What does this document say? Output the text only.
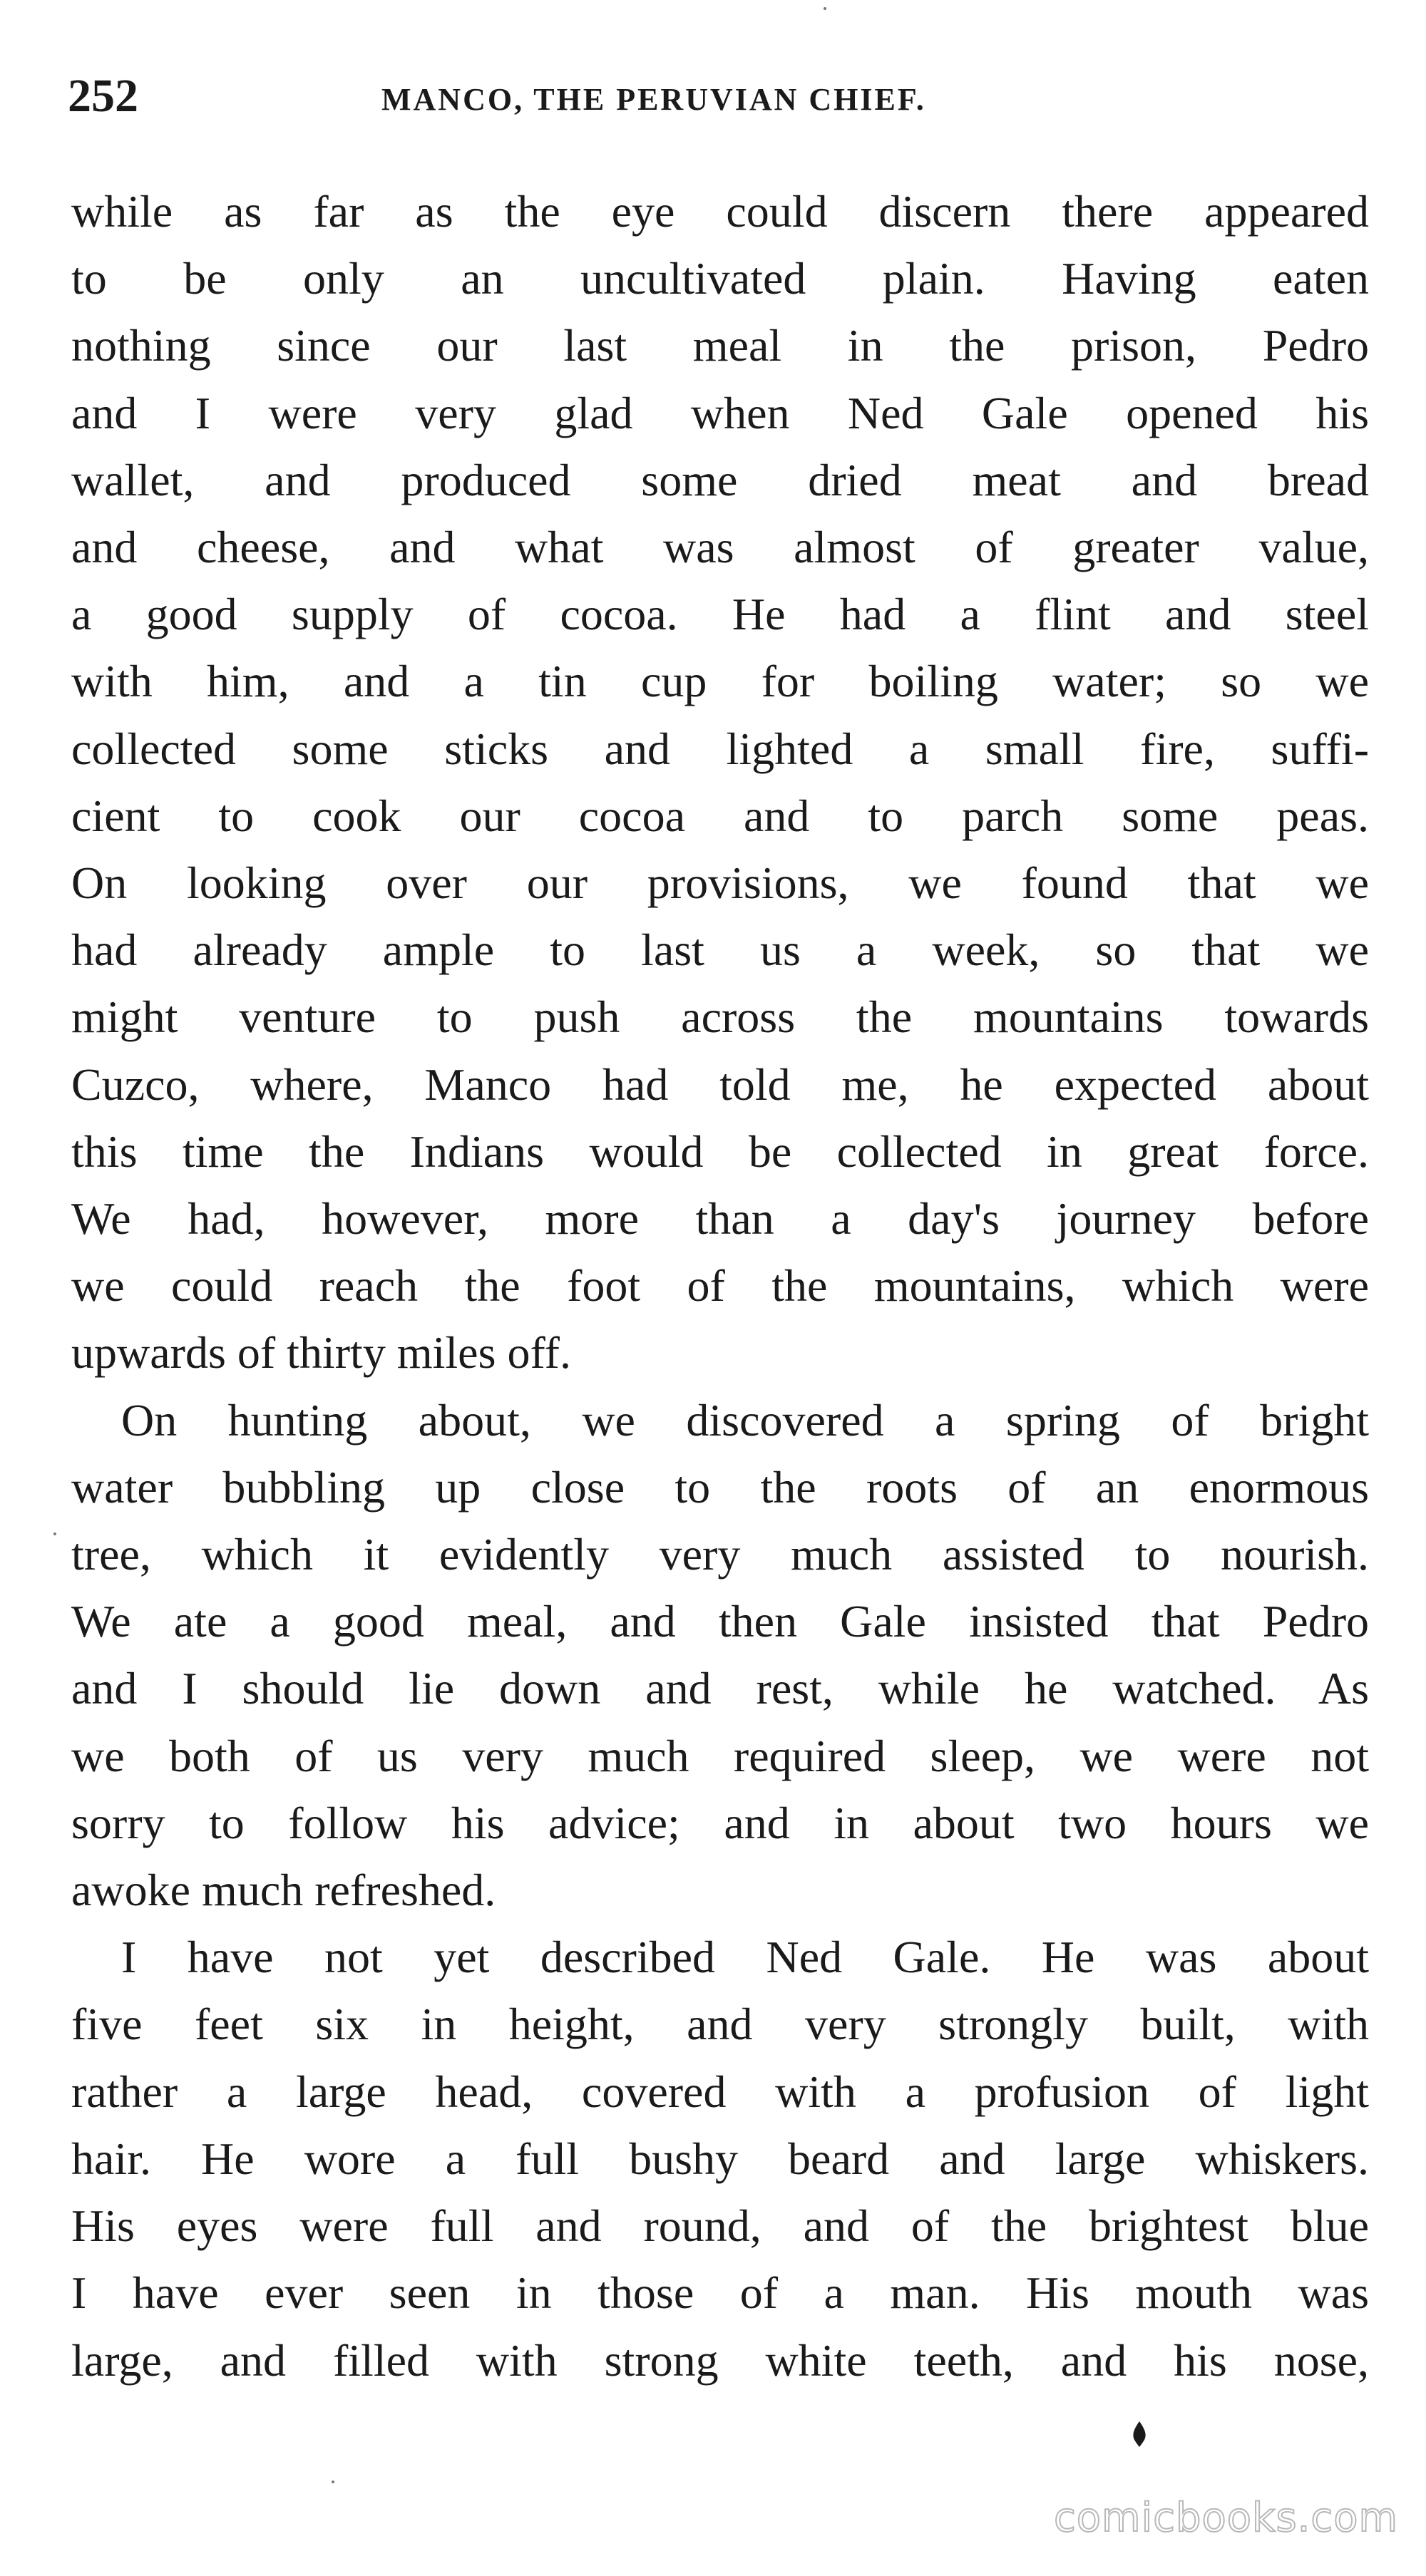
252	MANCO, THE PERUVIAN CHIEF.

while as far as the eye could discern there appeared
to be only an uncultivated plain. Having eaten
nothing since our last meal in the prison, Pedro
and I were very glad when Ned Gale opened his
wallet, and produced some dried meat and bread
and cheese, and what was almost of greater value,
a good supply of cocoa. He had a flint and steel
with him, and a tin cup for boiling water; so we
collected some sticks and lighted a small fire, suffi-
cient to cook our cocoa and to parch some peas.
On looking over our provisions, we found that we
had already ample to last us a week, so that we
might venture to push across the mountains towards
Cuzco, where, Manco had told me, he expected about
this time the Indians would be collected in great force.
We had, however, more than a day's journey before
we could reach the foot of the mountains, which were
upwards of thirty miles off.

On hunting about, we discovered a spring of bright
water bubbling up close to the roots of an enormous
tree, which it evidently very much assisted to nourish.
We ate a good meal, and then Gale insisted that Pedro
and I should lie down and rest, while he watched. As
we both of us very much required sleep, we were not
sorry to follow his advice; and in about two hours we
awoke much refreshed.

I have not yet described Ned Gale. He was about
five feet six in height, and very strongly built, with
rather a large head, covered with a profusion of light
hair. He wore a full bushy beard and large whiskers.
His eyes were full and round, and of the brightest blue
I have ever seen in those of a man. His mouth was
large, and filled with strong white teeth, and his nose,

comicbooks.com
